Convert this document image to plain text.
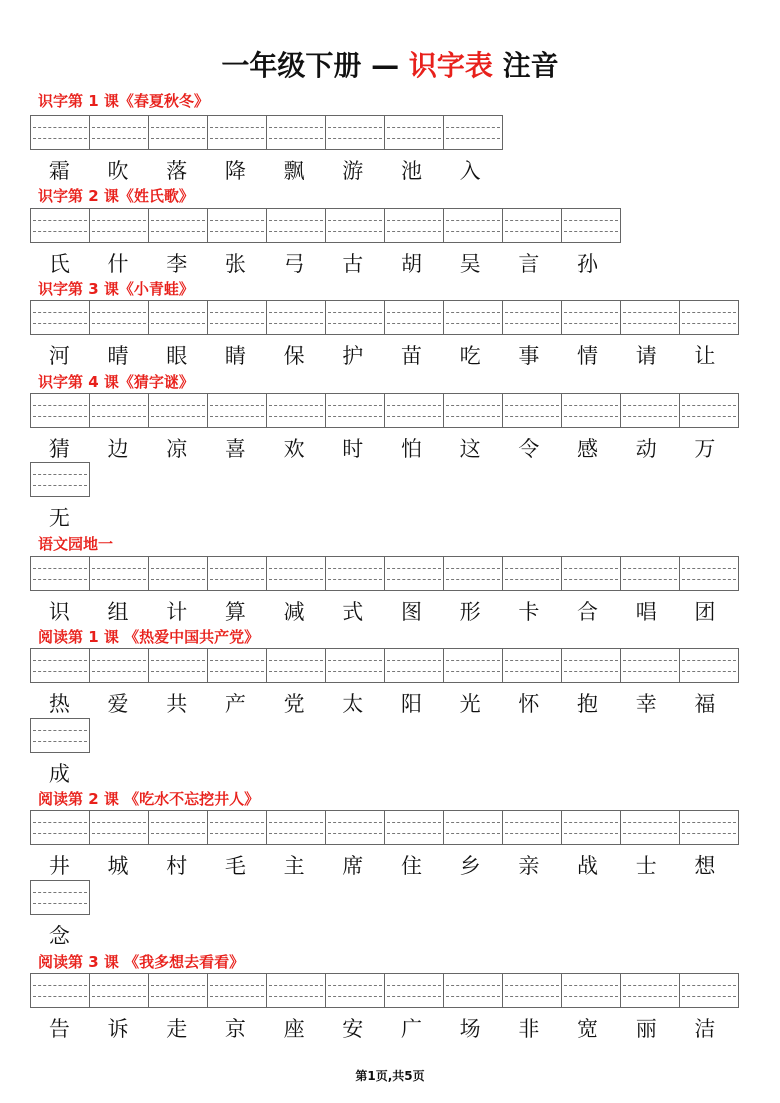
一年级下册 — 识字表 注音
识字第 1 课《春夏秋冬》
霜	吹	落	降	飘	游	池	入
识字第 2 课《姓氏歌》
氏	什	李	张	弓	古	胡	吴	言	孙
识字第 3 课《小青蛙》
河	晴	眼	睛	保	护	苗	吃	事	情	请	让
识字第 4 课《猜字谜》
猜	边	凉	喜	欢	时	怕	这	令	感	动	万
无
语文园地一
识	组	计	算	减	式	图	形	卡	合	唱	团
阅读第 1 课 《热爱中国共产党》
热	爱	共	产	党	太	阳	光	怀	抱	幸	福
成
阅读第 2 课 《吃水不忘挖井人》
井	城	村	毛	主	席	住	乡	亲	战	士	想
念
阅读第 3 课 《我多想去看看》
告	诉	走	京	座	安	广	场	非	宽	丽	洁
第1页,共5页
